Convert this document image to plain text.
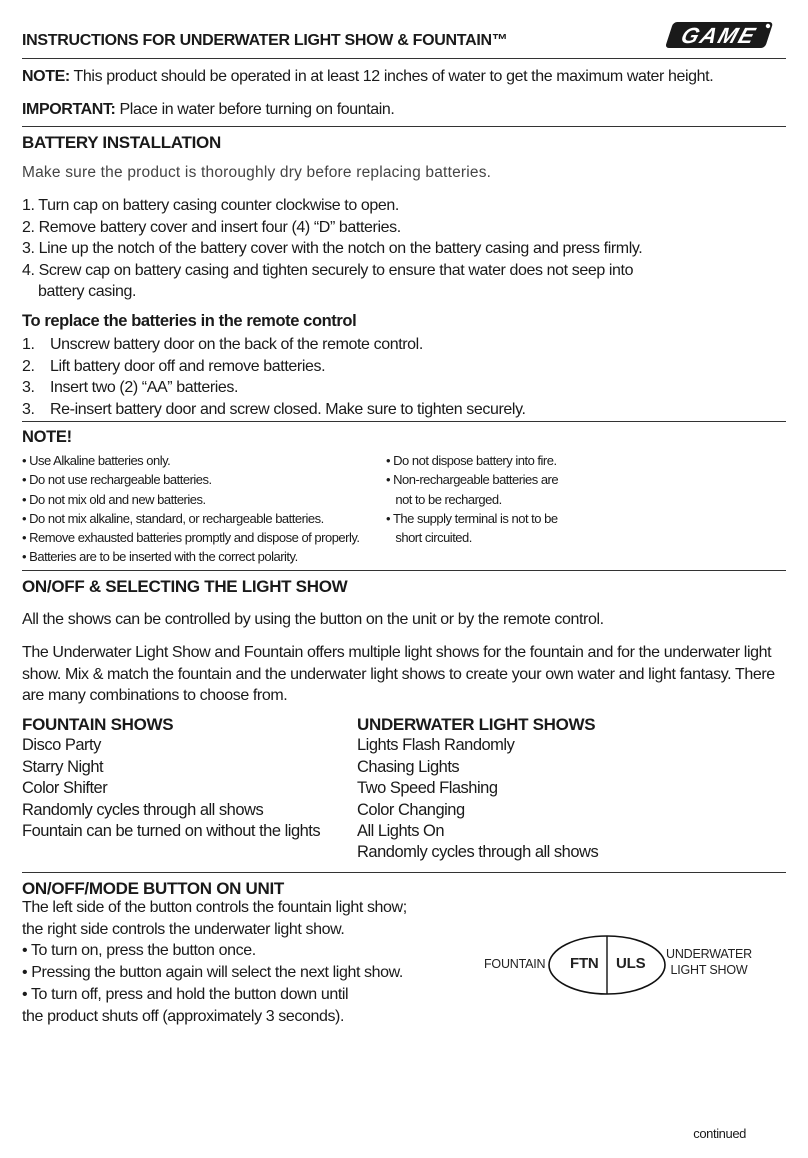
INSTRUCTIONS FOR UNDERWATER LIGHT SHOW & FOUNTAIN™	GAME
NOTE: This product should be operated in at least 12 inches of water to get the maximum water height.
IMPORTANT: Place in water before turning on fountain.
BATTERY INSTALLATION
Make sure the product is thoroughly dry before replacing batteries.
1. Turn cap on battery casing counter clockwise to open.
2. Remove battery cover and insert four (4) “D” batteries.
3. Line up the notch of the battery cover with the notch on the battery casing and press firmly.
4. Screw cap on battery casing and tighten securely to ensure that water does not seep into
battery casing.
To replace the batteries in the remote control
1. Unscrew battery door on the back of the remote control.
2. Lift battery door off and remove batteries.
3. Insert two (2) “AA” batteries.
3. Re-insert battery door and screw closed. Make sure to tighten securely.
NOTE!
• Use Alkaline batteries only.
• Do not use rechargeable batteries.
• Do not mix old and new batteries.
• Do not mix alkaline, standard, or rechargeable batteries.
• Remove exhausted batteries promptly and dispose of properly.
• Batteries are to be inserted with the correct polarity.
• Do not dispose battery into fire.
• Non-rechargeable batteries are
not to be recharged.
• The supply terminal is not to be
short circuited.
ON/OFF & SELECTING THE LIGHT SHOW
All the shows can be controlled by using the button on the unit or by the remote control.
The Underwater Light Show and Fountain offers multiple light shows for the fountain and for the underwater light
show. Mix & match the fountain and the underwater light shows to create your own water and light fantasy. There
are many combinations to choose from.
FOUNTAIN SHOWS
Disco Party
Starry Night
Color Shifter
Randomly cycles through all shows
Fountain can be turned on without the lights
UNDERWATER LIGHT SHOWS
Lights Flash Randomly
Chasing Lights
Two Speed Flashing
Color Changing
All Lights On
Randomly cycles through all shows
ON/OFF/MODE BUTTON ON UNIT
The left side of the button controls the fountain light show;
the right side controls the underwater light show.
• To turn on, press the button once.
• Pressing the button again will select the next light show.
• To turn off, press and hold the button down until
the product shuts off (approximately 3 seconds).
FOUNTAIN FTN ULS
UNDERWATER
LIGHT SHOW
continued
